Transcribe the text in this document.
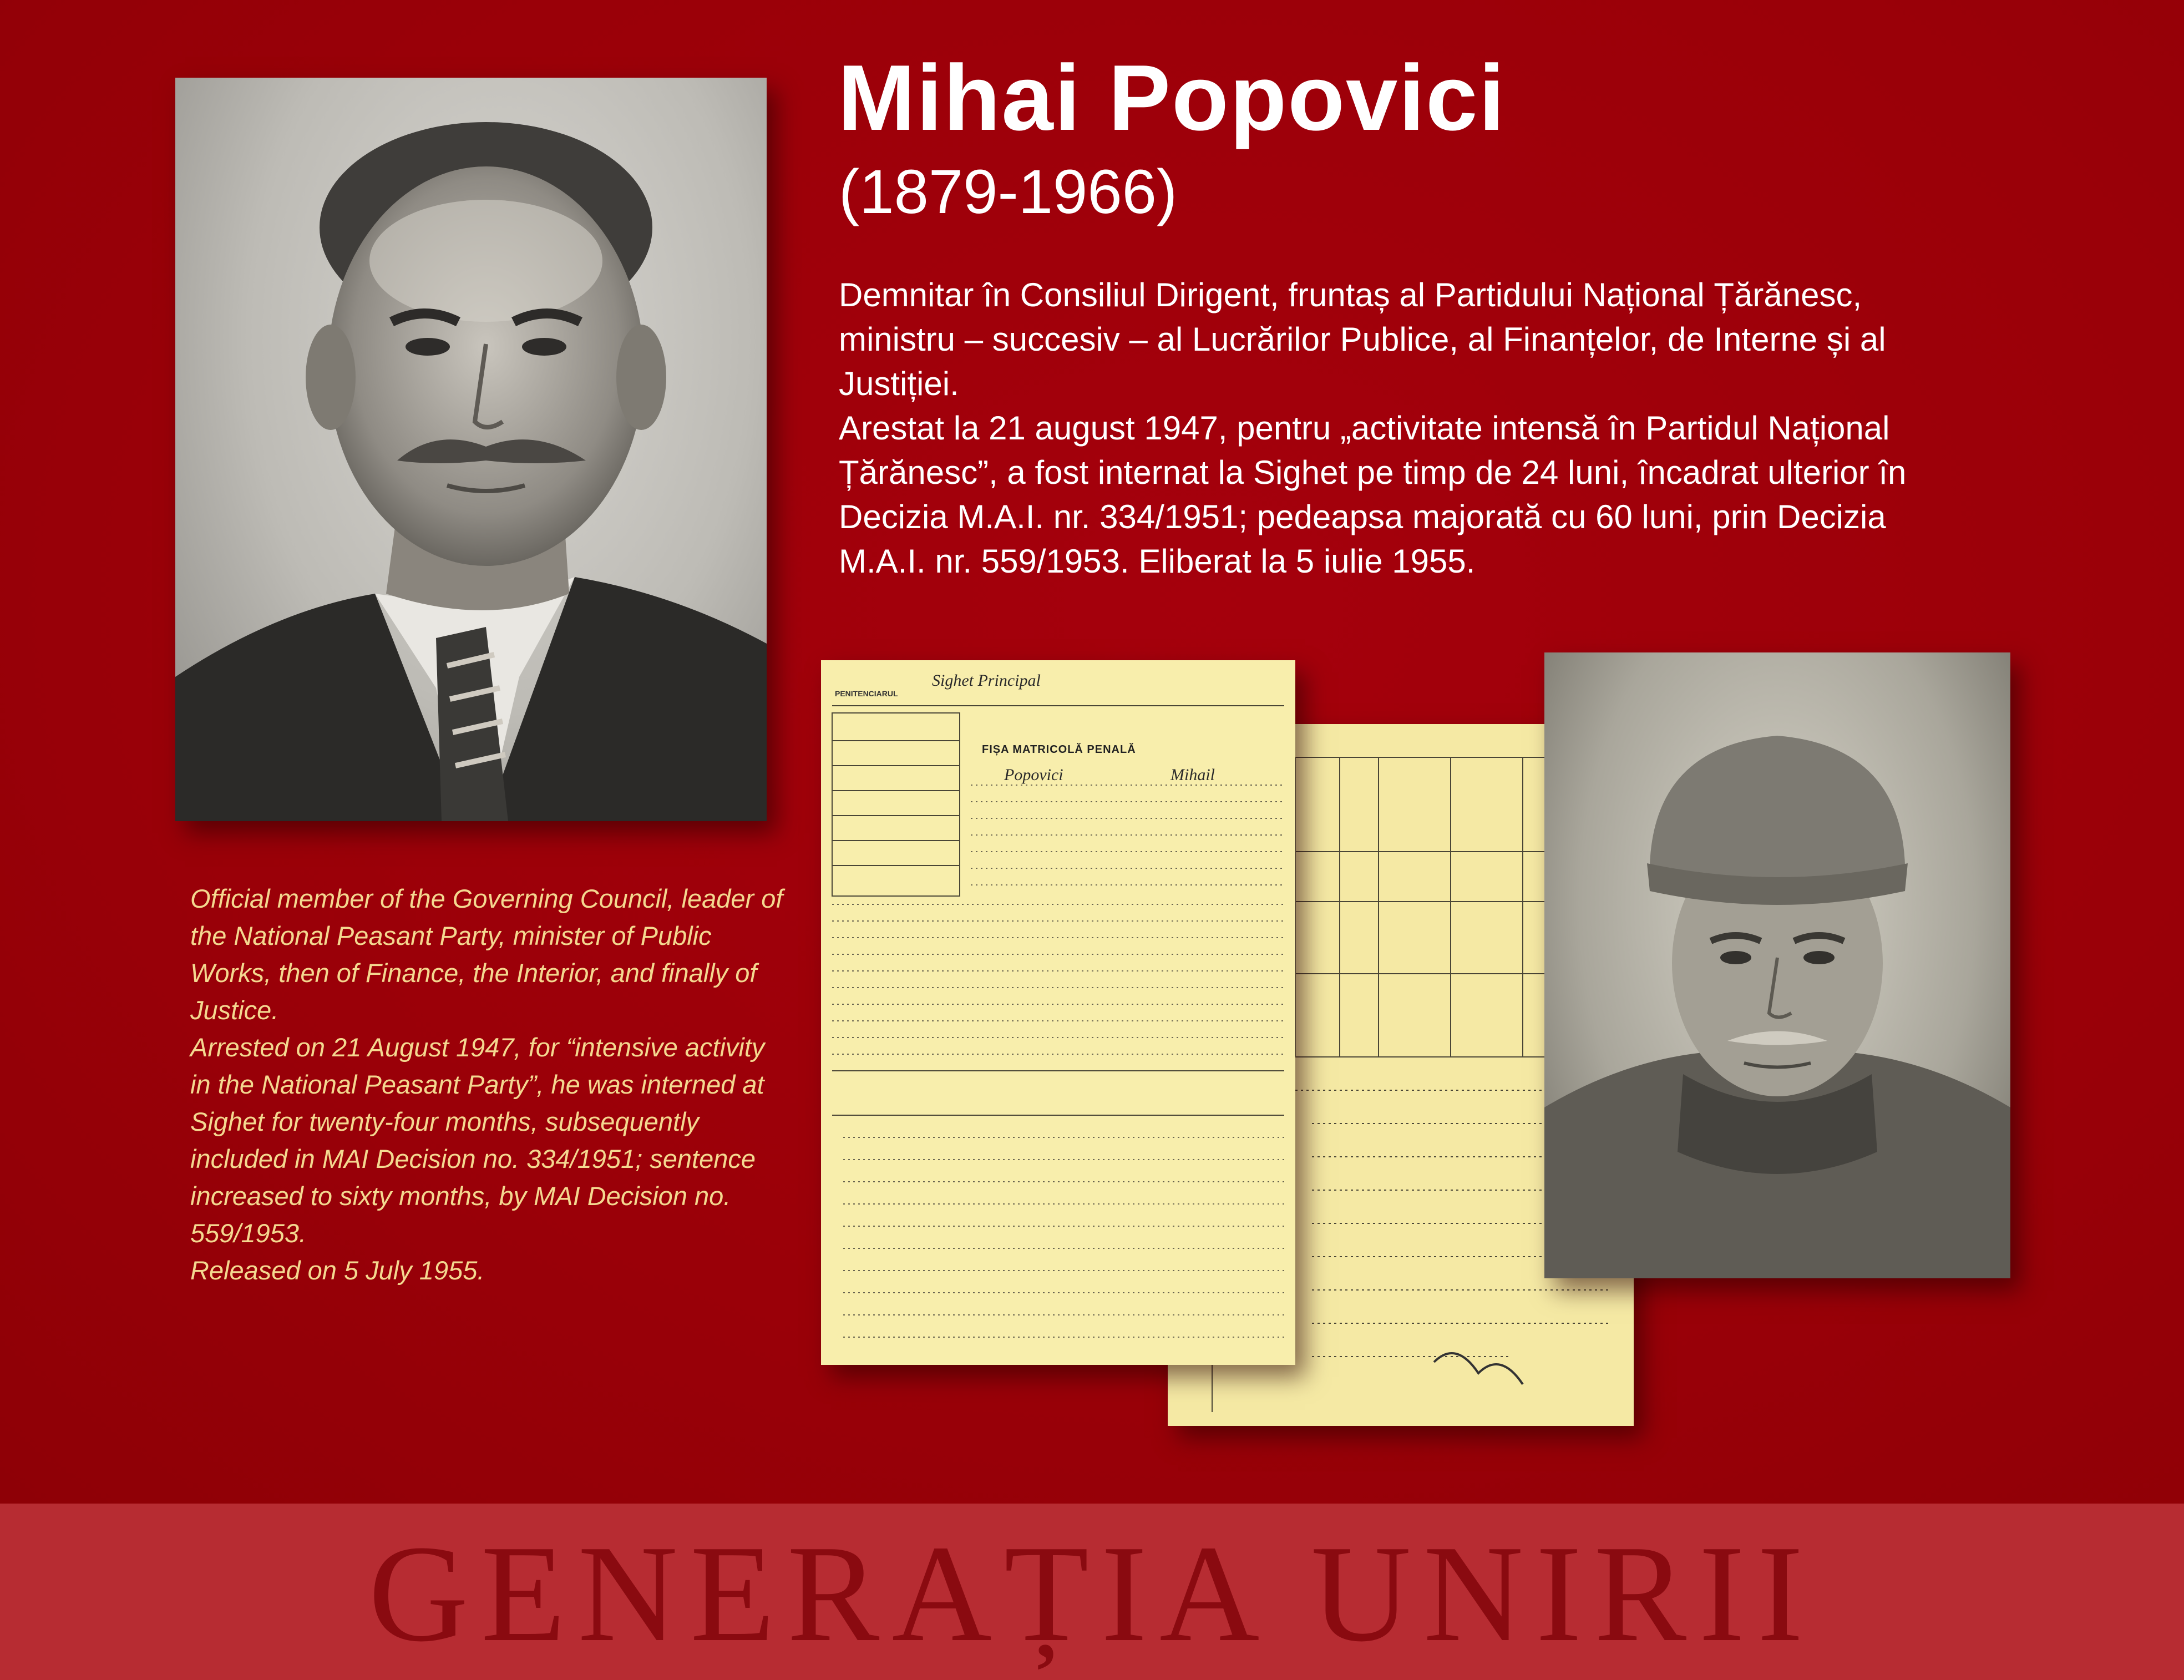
Mihai Popovici
(1879-1966)

Demnitar în Consiliul Dirigent, fruntaș al Partidului Național Țărănesc, ministru – succesiv – al Lucrărilor Publice, al Finanțelor, de Interne și al Justiției.

Arestat la 21 august 1947, pentru „activitate intensă în Partidul Național Țărănesc”, a fost internat la Sighet pe timp de 24 luni, încadrat ulterior în Decizia M.A.I. nr. 334/1951; pedeapsa majorată cu 60 luni, prin Decizia M.A.I. nr. 559/1953. Eliberat la 5 iulie 1955.

Official member of the Governing Council, leader of the National Peasant Party, minister of Public Works, then of Finance, the Interior, and finally of Justice.

Arrested on 21 August 1947, for “intensive activity in the National Peasant Party”, he was interned at Sighet for twenty-four months, subsequently included in MAI Decision no. 334/1951; sentence increased to sixty months, by MAI Decision no. 559/1953.

Released on 5 July 1955.

PENITENCIARUL
Sighet Principal
FIȘA MATRICOLĂ PENALĂ
Popovici	Mihail
GENERAȚIA UNIRII
